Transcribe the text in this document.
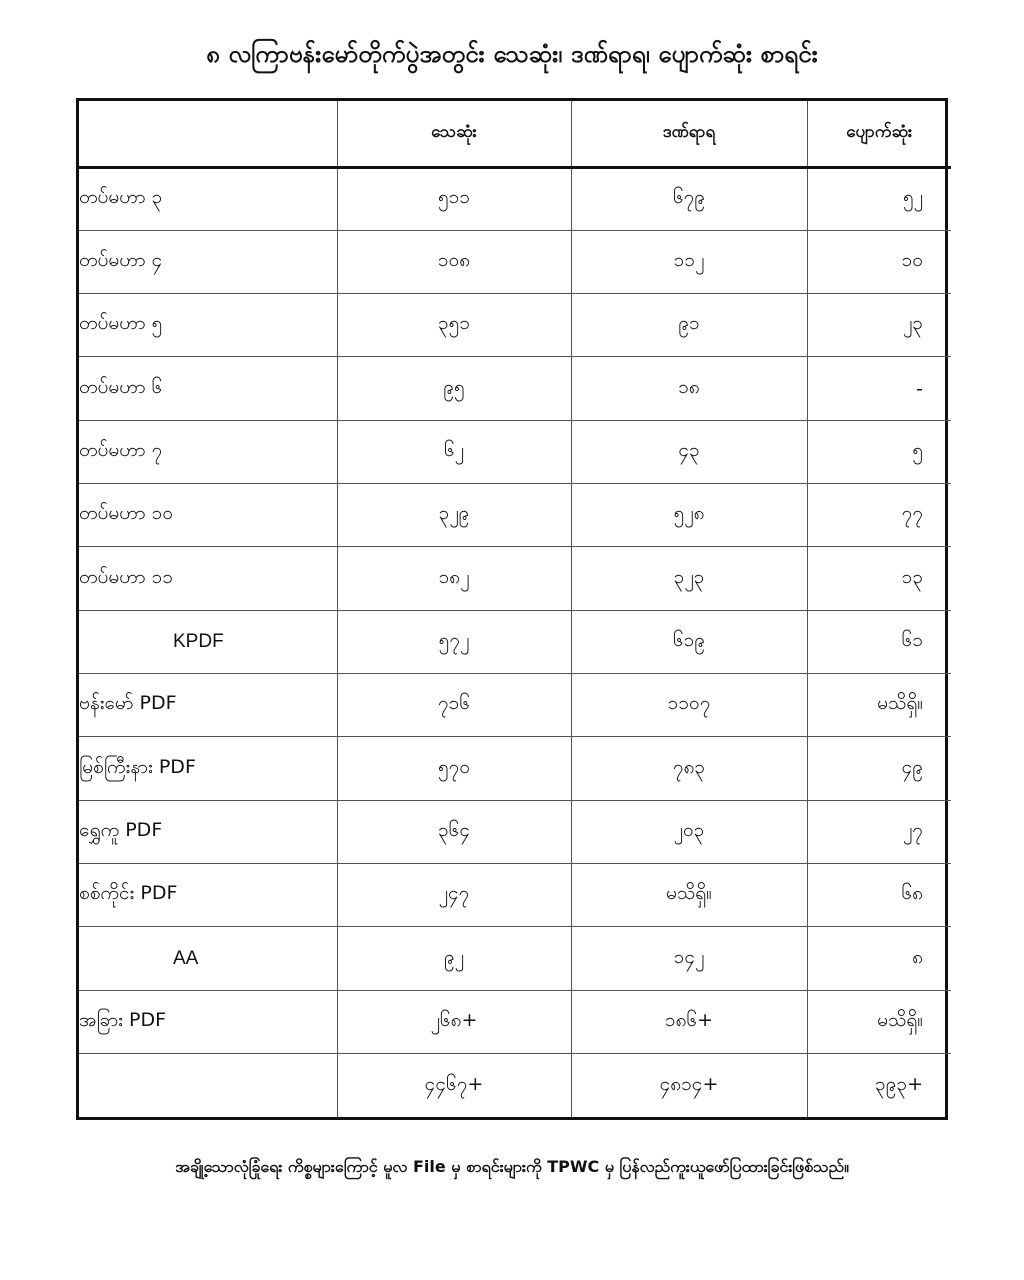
၈ လကြာဗန်းမော်တိုက်ပွဲအတွင်း သေဆုံး၊ ဒဏ်ရာရ၊ ပျောက်ဆုံး စာရင်း
	သေဆုံး	ဒဏ်ရာရ	ပျောက်ဆုံး
တပ်မဟာ ၃	၅၁၁	၆၇၉	၅၂
တပ်မဟာ ၄	၁၀၈	၁၁၂	၁၀
တပ်မဟာ ၅	၃၅၁	၉၁	၂၃
တပ်မဟာ ၆	၉၅	၁၈	-
တပ်မဟာ ၇	၆၂	၄၃	၅
တပ်မဟာ ၁၀	၃၂၉	၅၂၈	၇၇
တပ်မဟာ ၁၁	၁၈၂	၃၂၃	၁၃
KPDF	၅၇၂	၆၁၉	၆၁
ဗန်းမော် PDF	၇၁၆	၁၁၀၇	မသိရှိ။
မြစ်ကြီးနား PDF	၅၇၀	၇၈၃	၄၉
ရွှေကူ PDF	၃၆၄	၂၀၃	၂၇
စစ်ကိုင်း PDF	၂၄၇	မသိရှိ။	၆၈
AA	၉၂	၁၄၂	၈
အခြား PDF	၂၆၈+	၁၈၆+	မသိရှိ။
	၄၄၆၇+	၄၈၁၄+	၃၉၃+
အချို့သောလုံခြုံရေး ကိစ္စများကြောင့် မူလ File မှ စာရင်းများကို TPWC မှ ပြန်လည်ကူးယူဖော်ပြထားခြင်းဖြစ်သည်။
